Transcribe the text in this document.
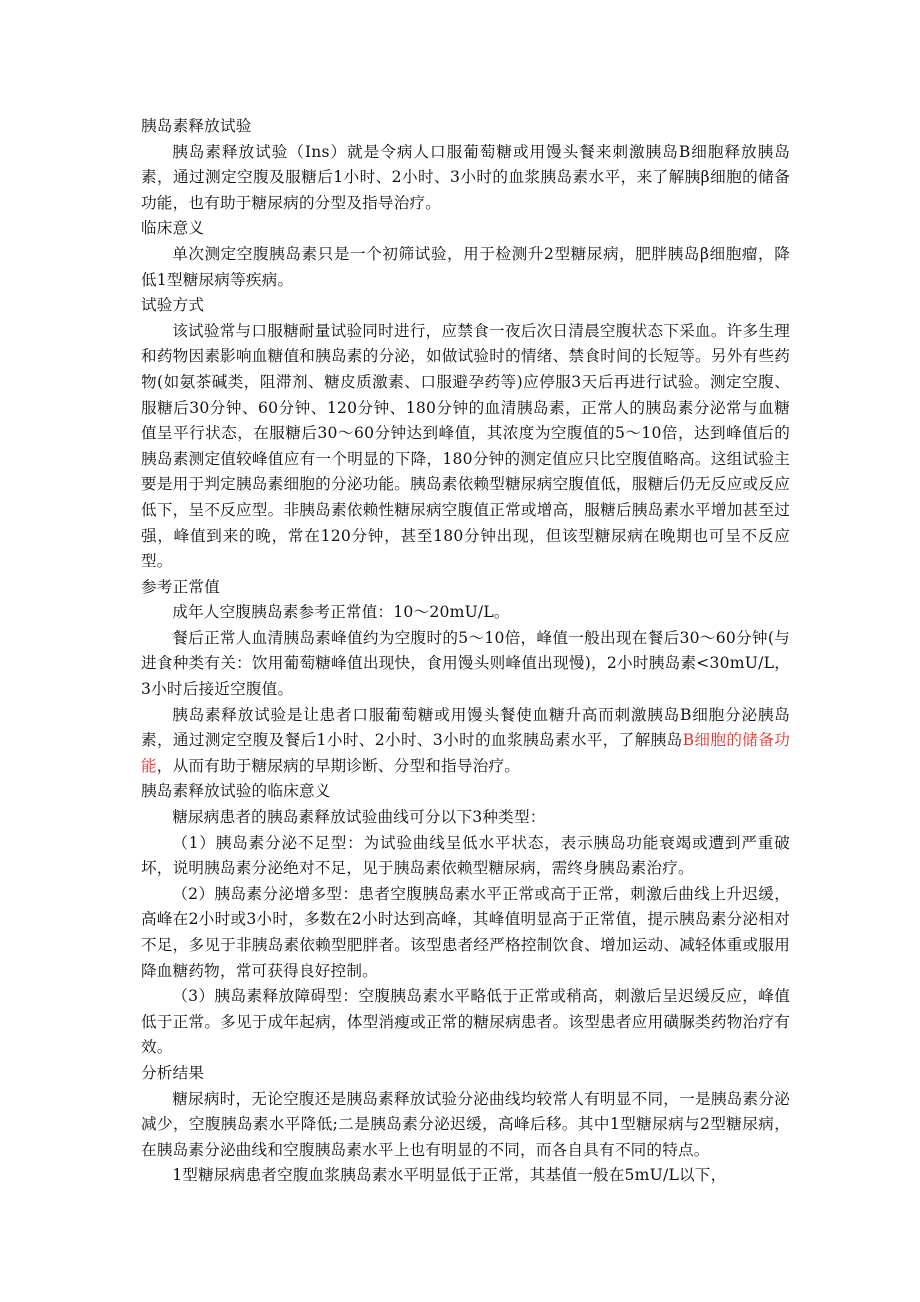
胰岛素释放试验

胰岛素释放试验（Ins）就是令病人口服葡萄糖或用馒头餐来刺激胰岛Β细胞释放胰岛素，通过测定空腹及服糖后1小时、2小时、3小时的血浆胰岛素水平，来了解胰β细胞的储备功能，也有助于糖尿病的分型及指导治疗。

临床意义

单次测定空腹胰岛素只是一个初筛试验，用于检测升2型糖尿病，肥胖胰岛β细胞瘤，降低1型糖尿病等疾病。

试验方式

该试验常与口服糖耐量试验同时进行，应禁食一夜后次日清晨空腹状态下采血。许多生理和药物因素影响血糖值和胰岛素的分泌，如做试验时的情绪、禁食时间的长短等。另外有些药物(如氨茶碱类，阻滞剂、糖皮质激素、口服避孕药等)应停服3天后再进行试验。测定空腹、服糖后30分钟、60分钟、120分钟、180分钟的血清胰岛素，正常人的胰岛素分泌常与血糖值呈平行状态，在服糖后30～60分钟达到峰值，其浓度为空腹值的5～10倍，达到峰值后的胰岛素测定值较峰值应有一个明显的下降，180分钟的测定值应只比空腹值略高。这组试验主要是用于判定胰岛素细胞的分泌功能。胰岛素依赖型糖尿病空腹值低，服糖后仍无反应或反应低下，呈不反应型。非胰岛素依赖性糖尿病空腹值正常或增高，服糖后胰岛素水平增加甚至过强，峰值到来的晚，常在120分钟，甚至180分钟出现，但该型糖尿病在晚期也可呈不反应型。

参考正常值

成年人空腹胰岛素参考正常值：10～20mU/L。

餐后正常人血清胰岛素峰值约为空腹时的5～10倍，峰值一般出现在餐后30～60分钟(与进食种类有关：饮用葡萄糖峰值出现快，食用馒头则峰值出现慢)，2小时胰岛素<30mU/L，3小时后接近空腹值。

胰岛素释放试验是让患者口服葡萄糖或用馒头餐使血糖升高而刺激胰岛Β细胞分泌胰岛素，通过测定空腹及餐后1小时、2小时、3小时的血浆胰岛素水平，了解胰岛Β细胞的储备功能，从而有助于糖尿病的早期诊断、分型和指导治疗。

胰岛素释放试验的临床意义

糖尿病患者的胰岛素释放试验曲线可分以下3种类型：

（1）胰岛素分泌不足型：为试验曲线呈低水平状态，表示胰岛功能衰竭或遭到严重破坏，说明胰岛素分泌绝对不足，见于胰岛素依赖型糖尿病，需终身胰岛素治疗。

（2）胰岛素分泌增多型：患者空腹胰岛素水平正常或高于正常，刺激后曲线上升迟缓，高峰在2小时或3小时，多数在2小时达到高峰，其峰值明显高于正常值，提示胰岛素分泌相对不足，多见于非胰岛素依赖型肥胖者。该型患者经严格控制饮食、增加运动、减轻体重或服用降血糖药物，常可获得良好控制。

（3）胰岛素释放障碍型：空腹胰岛素水平略低于正常或稍高，刺激后呈迟缓反应，峰值低于正常。多见于成年起病，体型消瘦或正常的糖尿病患者。该型患者应用磺脲类药物治疗有效。

分析结果

糖尿病时，无论空腹还是胰岛素释放试验分泌曲线均较常人有明显不同，一是胰岛素分泌减少，空腹胰岛素水平降低;二是胰岛素分泌迟缓，高峰后移。其中1型糖尿病与2型糖尿病，在胰岛素分泌曲线和空腹胰岛素水平上也有明显的不同，而各自具有不同的特点。

1型糖尿病患者空腹血浆胰岛素水平明显低于正常，其基值一般在5mU/L以下，
